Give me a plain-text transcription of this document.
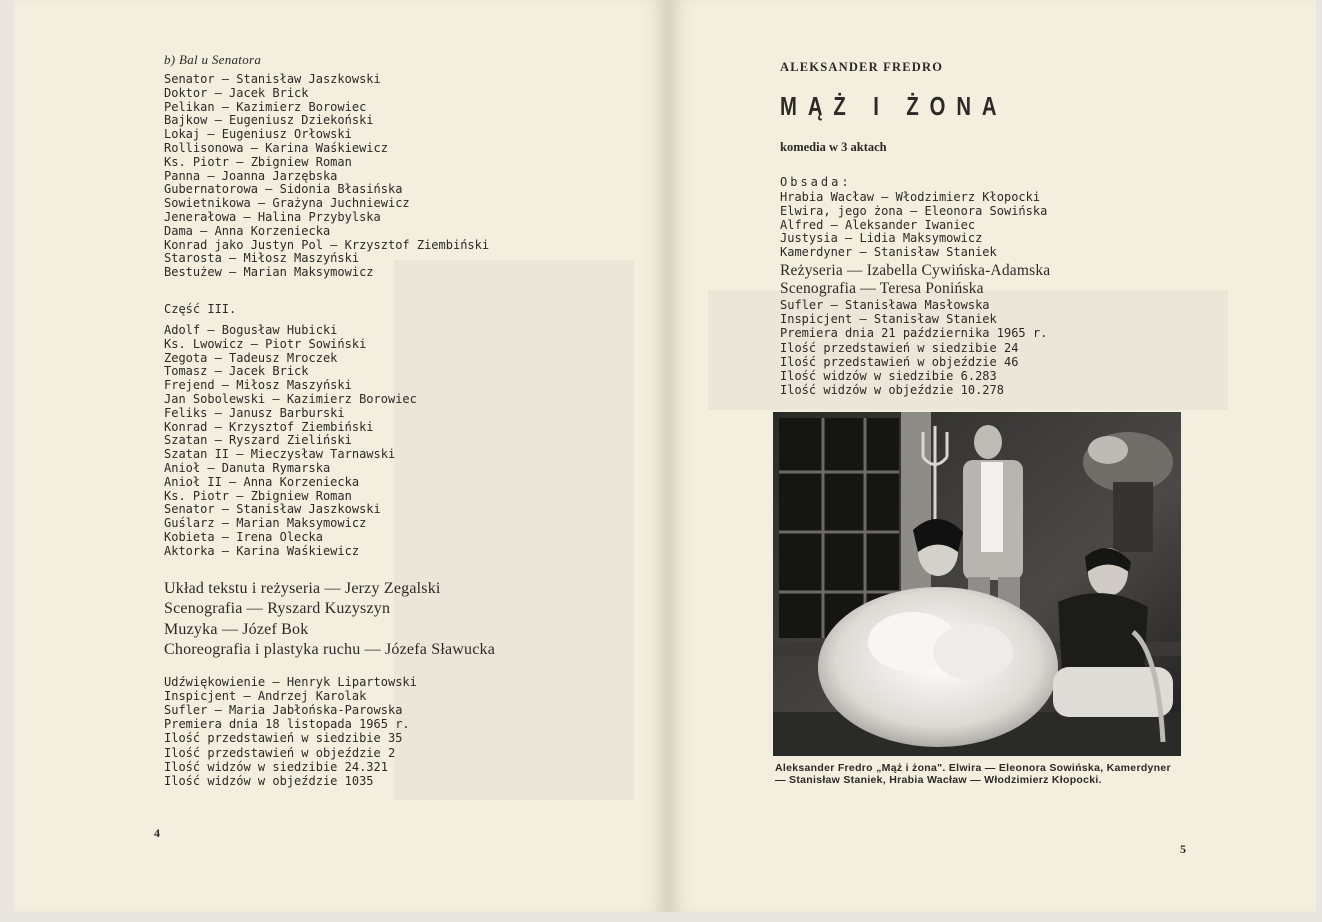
b) Bal u Senatora
Senator — Stanisław Jaszkowski
Doktor — Jacek Brick
Pelikan — Kazimierz Borowiec
Bajkow — Eugeniusz Dziekoński
Lokaj — Eugeniusz Orłowski
Rollisonowa — Karina Waśkiewicz
Ks. Piotr — Zbigniew Roman
Panna — Joanna Jarzębska
Gubernatorowa — Sidonia Błasińska
Sowietnikowa — Grażyna Juchniewicz
Jenerałowa — Halina Przybylska
Dama — Anna Korzeniecka
Konrad jako Justyn Pol — Krzysztof Ziembiński
Starosta — Miłosz Maszyński
Bestużew — Marian Maksymowicz
Część III.
Adolf — Bogusław Hubicki
Ks. Lwowicz — Piotr Sowiński
Zegota — Tadeusz Mroczek
Tomasz — Jacek Brick
Frejend — Miłosz Maszyński
Jan Sobolewski — Kazimierz Borowiec
Feliks — Janusz Barburski
Konrad — Krzysztof Ziembiński
Szatan — Ryszard Zieliński
Szatan II — Mieczysław Tarnawski
Anioł — Danuta Rymarska
Anioł II — Anna Korzeniecka
Ks. Piotr — Zbigniew Roman
Senator — Stanisław Jaszkowski
Guślarz — Marian Maksymowicz
Kobieta — Irena Olecka
Aktorka — Karina Waśkiewicz
Układ tekstu i reżyseria — Jerzy Zegalski
Scenografia — Ryszard Kuzyszyn
Muzyka — Józef Bok
Choreografia i plastyka ruchu — Józefa Sławucka
Udźwiękowienie — Henryk Lipartowski
Inspicjent — Andrzej Karolak
Sufler — Maria Jabłońska-Parowska
Premiera dnia 18 listopada 1965 r.
Ilość przedstawień w siedzibie 35
Ilość przedstawień w objeździe 2
Ilość widzów w siedzibie 24.321
Ilość widzów w objeździe 1035
4
ALEKSANDER FREDRO
MĄŻ I ŻONA
komedia w 3 aktach
Obsada:
Hrabia Wacław — Włodzimierz Kłopocki
Elwira, jego żona — Eleonora Sowińska
Alfred — Aleksander Iwaniec
Justysia — Lidia Maksymowicz
Kamerdyner — Stanisław Staniek
Reżyseria — Izabella Cywińska-Adamska
Scenografia — Teresa Ponińska
Sufler — Stanisława Masłowska
Inspicjent — Stanisław Staniek
Premiera dnia 21 października 1965 r.
Ilość przedstawień w siedzibie 24
Ilość przedstawień w objeździe 46
Ilość widzów w siedzibie 6.283
Ilość widzów w objeździe 10.278
Aleksander Fredro „Mąż i żona". Elwira — Eleonora Sowińska, Kamerdyner — Stanisław Staniek, Hrabia Wacław — Włodzimierz Kłopocki.
5
